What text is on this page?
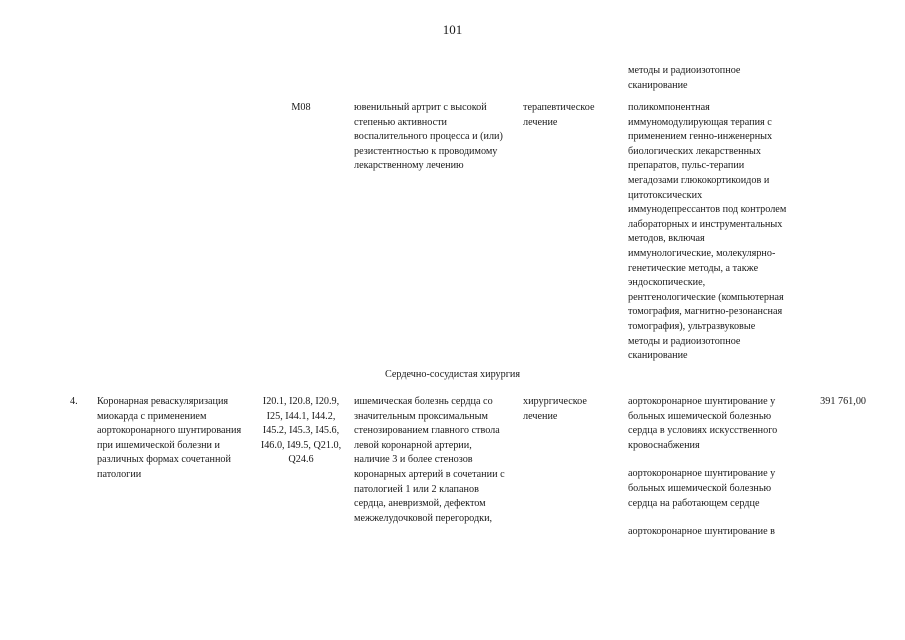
101
методы и радиоизотопное
сканирование
M08	ювенильный артрит с высокой
степенью активности
воспалительного процесса и (или)
резистентностью к проводимому
лекарственному лечению
терапевтическое
лечение
поликомпонентная
иммуномодулирующая терапия с
применением генно-инженерных
биологических лекарственных
препаратов, пульс-терапии
мегадозами глюкокортикоидов и
цитотоксических
иммунодепрессантов под контролем
лабораторных и инструментальных
методов, включая
иммунологические, молекулярно-
генетические методы, а также
эндоскопические,
рентгенологические (компьютерная
томография, магнитно-резонансная
томография), ультразвуковые
методы и радиоизотопное
сканирование
Сердечно-сосудистая хирургия
4.	Коронарная реваскуляризация
миокарда с применением
аортокоронарного шунтирования
при ишемической болезни и
различных формах сочетанной
патологии
I20.1, I20.8, I20.9,
I25, I44.1, I44.2,
I45.2, I45.3, I45.6,
I46.0, I49.5, Q21.0,
Q24.6
ишемическая болезнь сердца со
значительным проксимальным
стенозированием главного ствола
левой коронарной артерии,
наличие 3 и более стенозов
коронарных артерий в сочетании с
патологией 1 или 2 клапанов
сердца, аневризмой, дефектом
межжелудочковой перегородки,
хирургическое
лечение
аортокоронарное шунтирование у
больных ишемической болезнью
сердца в условиях искусственного
кровоснабжения
аортокоронарное шунтирование у
больных ишемической болезнью
сердца на работающем сердце
аортокоронарное шунтирование в
391 761,00
